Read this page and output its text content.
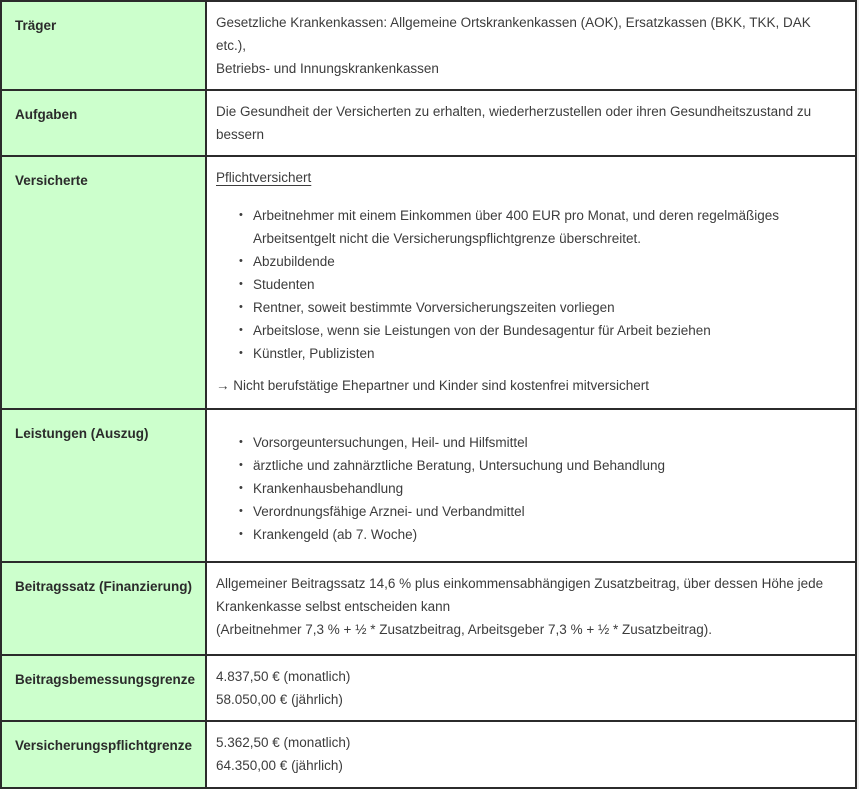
Träger	Gesetzliche Krankenkassen: Allgemeine Ortskrankenkassen (AOK), Ersatzkassen (BKK, TKK, DAK etc.),
Betriebs- und Innungskrankenkassen

Aufgaben	Die Gesundheit der Versicherten zu erhalten, wiederherzustellen oder ihren Gesundheitszustand zu bessern

Versicherte	Pflichtversichert
• Arbeitnehmer mit einem Einkommen über 400 EUR pro Monat, und deren regelmäßiges
Arbeitsentgelt nicht die Versicherungspflichtgrenze überschreitet.
• Abzubildende
• Studenten
• Rentner, soweit bestimmte Vorversicherungszeiten vorliegen
• Arbeitslose, wenn sie Leistungen von der Bundesagentur für Arbeit beziehen
• Künstler, Publizisten
→ Nicht berufstätige Ehepartner und Kinder sind kostenfrei mitversichert

Leistungen (Auszug)	
• Vorsorgeuntersuchungen, Heil- und Hilfsmittel
• ärztliche und zahnärztliche Beratung, Untersuchung und Behandlung
• Krankenhausbehandlung
• Verordnungsfähige Arznei- und Verbandmittel
• Krankengeld (ab 7. Woche)

Beitragssatz (Finanzierung)	Allgemeiner Beitragssatz 14,6 % plus einkommensabhängigen Zusatzbeitrag, über dessen Höhe jede
Krankenkasse selbst entscheiden kann
(Arbeitnehmer 7,3 % + ½ * Zusatzbeitrag, Arbeitsgeber 7,3 % + ½ * Zusatzbeitrag).

Beitragsbemessungsgrenze	4.837,50 € (monatlich)
58.050,00 € (jährlich)

Versicherungspflichtgrenze	5.362,50 € (monatlich)
64.350,00 € (jährlich)
